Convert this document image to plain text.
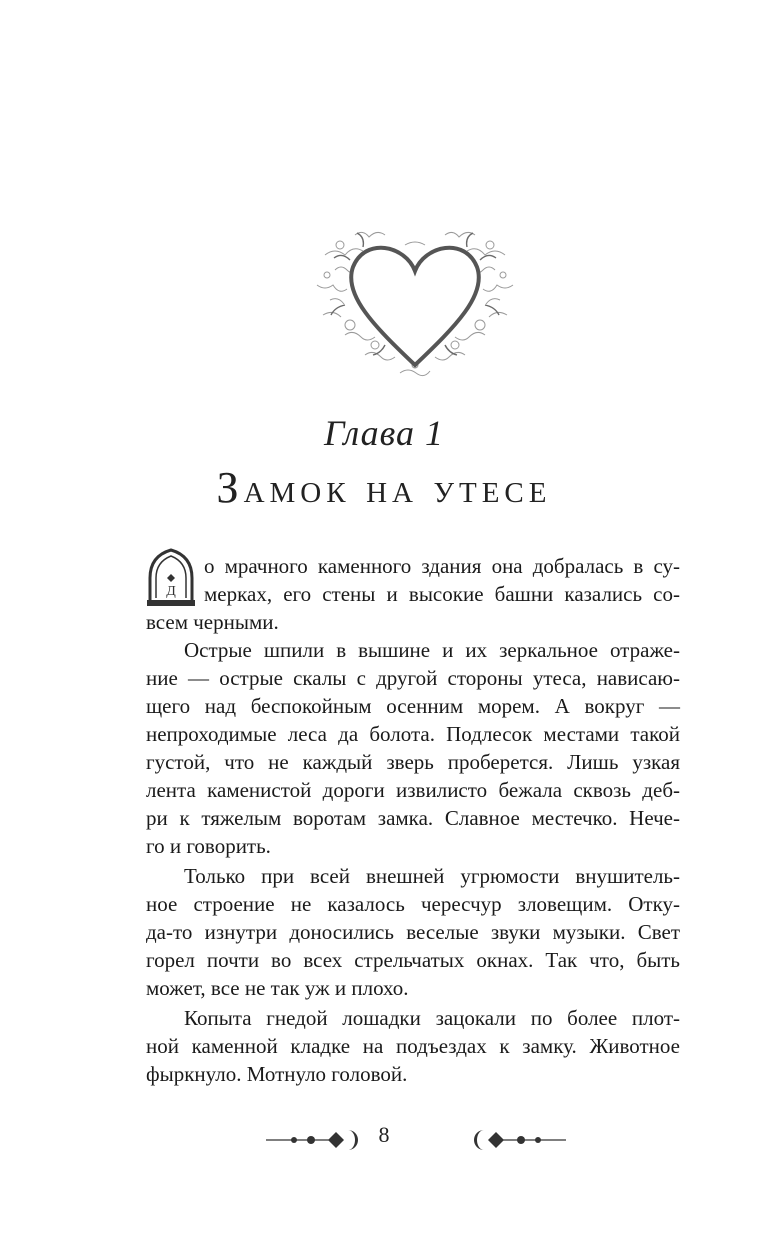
Глава 1
Замок на утесе
Д
о мрачного каменного здания она добралась в су-
мерках, его стены и высокие башни казались со-
всем черными.
Острые шпили в вышине и их зеркальное отраже-
ние — острые скалы с другой стороны утеса, нависаю-
щего над беспокойным осенним морем. А вокруг —
непроходимые леса да болота. Подлесок местами такой
густой, что не каждый зверь проберется. Лишь узкая
лента каменистой дороги извилисто бежала сквозь деб-
ри к тяжелым воротам замка. Славное местечко. Нече-
го и говорить.
Только при всей внешней угрюмости внушитель-
ное строение не казалось чересчур зловещим. Отку-
да-то изнутри доносились веселые звуки музыки. Свет
горел почти во всех стрельчатых окнах. Так что, быть
может, все не так уж и плохо.
Копыта гнедой лошадки зацокали по более плот-
ной каменной кладке на подъездах к замку. Животное
фыркнуло. Мотнуло головой.
8
